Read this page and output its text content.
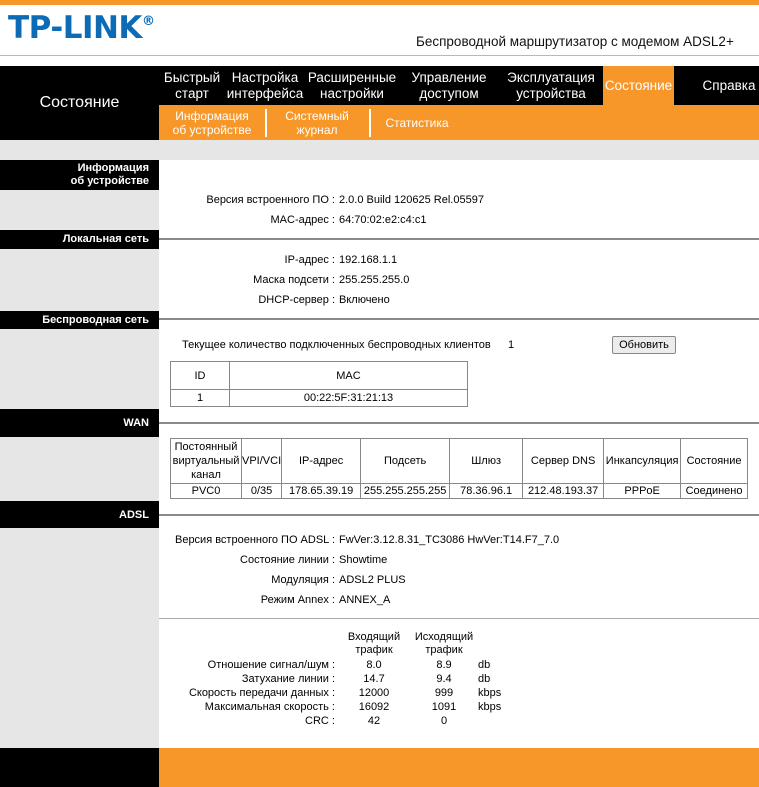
TP-LINK®
Беспроводной маршрутизатор с модемом ADSL2+
Состояние
Быстрый
старт
Настройка
интерфейса
Расширенные
настройки
Управление
доступом
Эксплуатация
устройства
Состояние Справка
Информация
об устройстве
Системный
журнал	Статистика
Информация
об устройстве
Версия встроенного ПО : 2.0.0 Build 120625 Rel.05597
MAC-адрес : 64:70:02:e2:c4:c1
Локальная сеть
IP-адрес : 192.168.1.1
Маска подсети : 255.255.255.0
DHCP-сервер : Включено
Беспроводная сеть
Текущее количество подключенных беспроводных клиентов 1	Обновить
ID	MAC
1	00:22:5F:31:21:13
WAN
Постоянный
виртуальный
канал	VPI/VCI	IP-адрес	Подсеть	Шлюз	Сервер DNS	Инкапсуляция	Состояние
PVC0	0/35	178.65.39.19	255.255.255.255	78.36.96.1	212.48.193.37	PPPoE	Соединено
ADSL
Версия встроенного ПО ADSL : FwVer:3.12.8.31_TC3086 HwVer:T14.F7_7.0
Состояние линии : Showtime
Модуляция : ADSL2 PLUS
Режим Annex : ANNEX_A
Входящий
трафик
Исходящий
трафик
Отношение сигнал/шум :	8.0	8.9	db
Затухание линии :	14.7	9.4	db
Скорость передачи данных :	12000	999	kbps
Максимальная скорость :	16092	1091	kbps
CRC :	42	0
